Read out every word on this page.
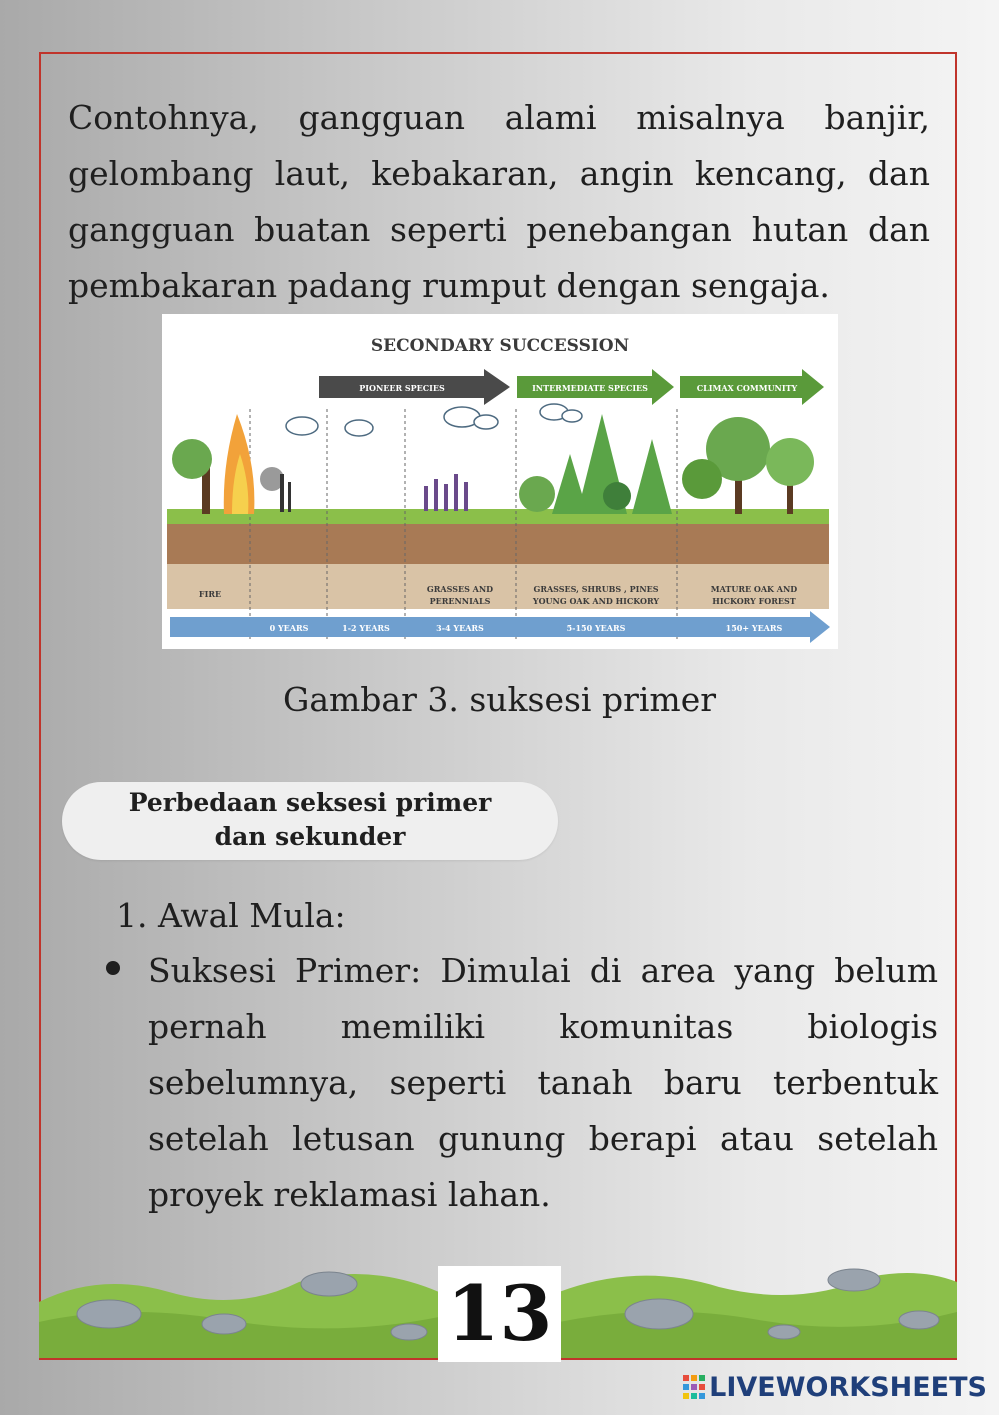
Contohnya, gangguan alami misalnya banjir, gelombang laut, kebakaran, angin kencang, dan gangguan buatan seperti penebangan hutan dan pembakaran padang rumput dengan sengaja.

SECONDARY SUCCESSION
PIONEER SPECIES	INTERMEDIATE SPECIES	CLIMAX COMMUNITY
FIRE	GRASSES AND
PERENNIALS
GRASSES, SHRUBS , PINES
YOUNG OAK AND HICKORY
MATURE OAK AND
HICKORY FOREST
0 YEARS	1-2 YEARS	3-4 YEARS	5-150 YEARS	150+ YEARS

Gambar 3. suksesi primer

Perbedaan seksesi primer
dan sekunder

1. Awal Mula:

Suksesi Primer: Dimulai di area yang belum pernah memiliki komunitas biologis sebelumnya, seperti tanah baru terbentuk setelah letusan gunung berapi atau setelah proyek reklamasi lahan.

13
LIVEWORKSHEETS
